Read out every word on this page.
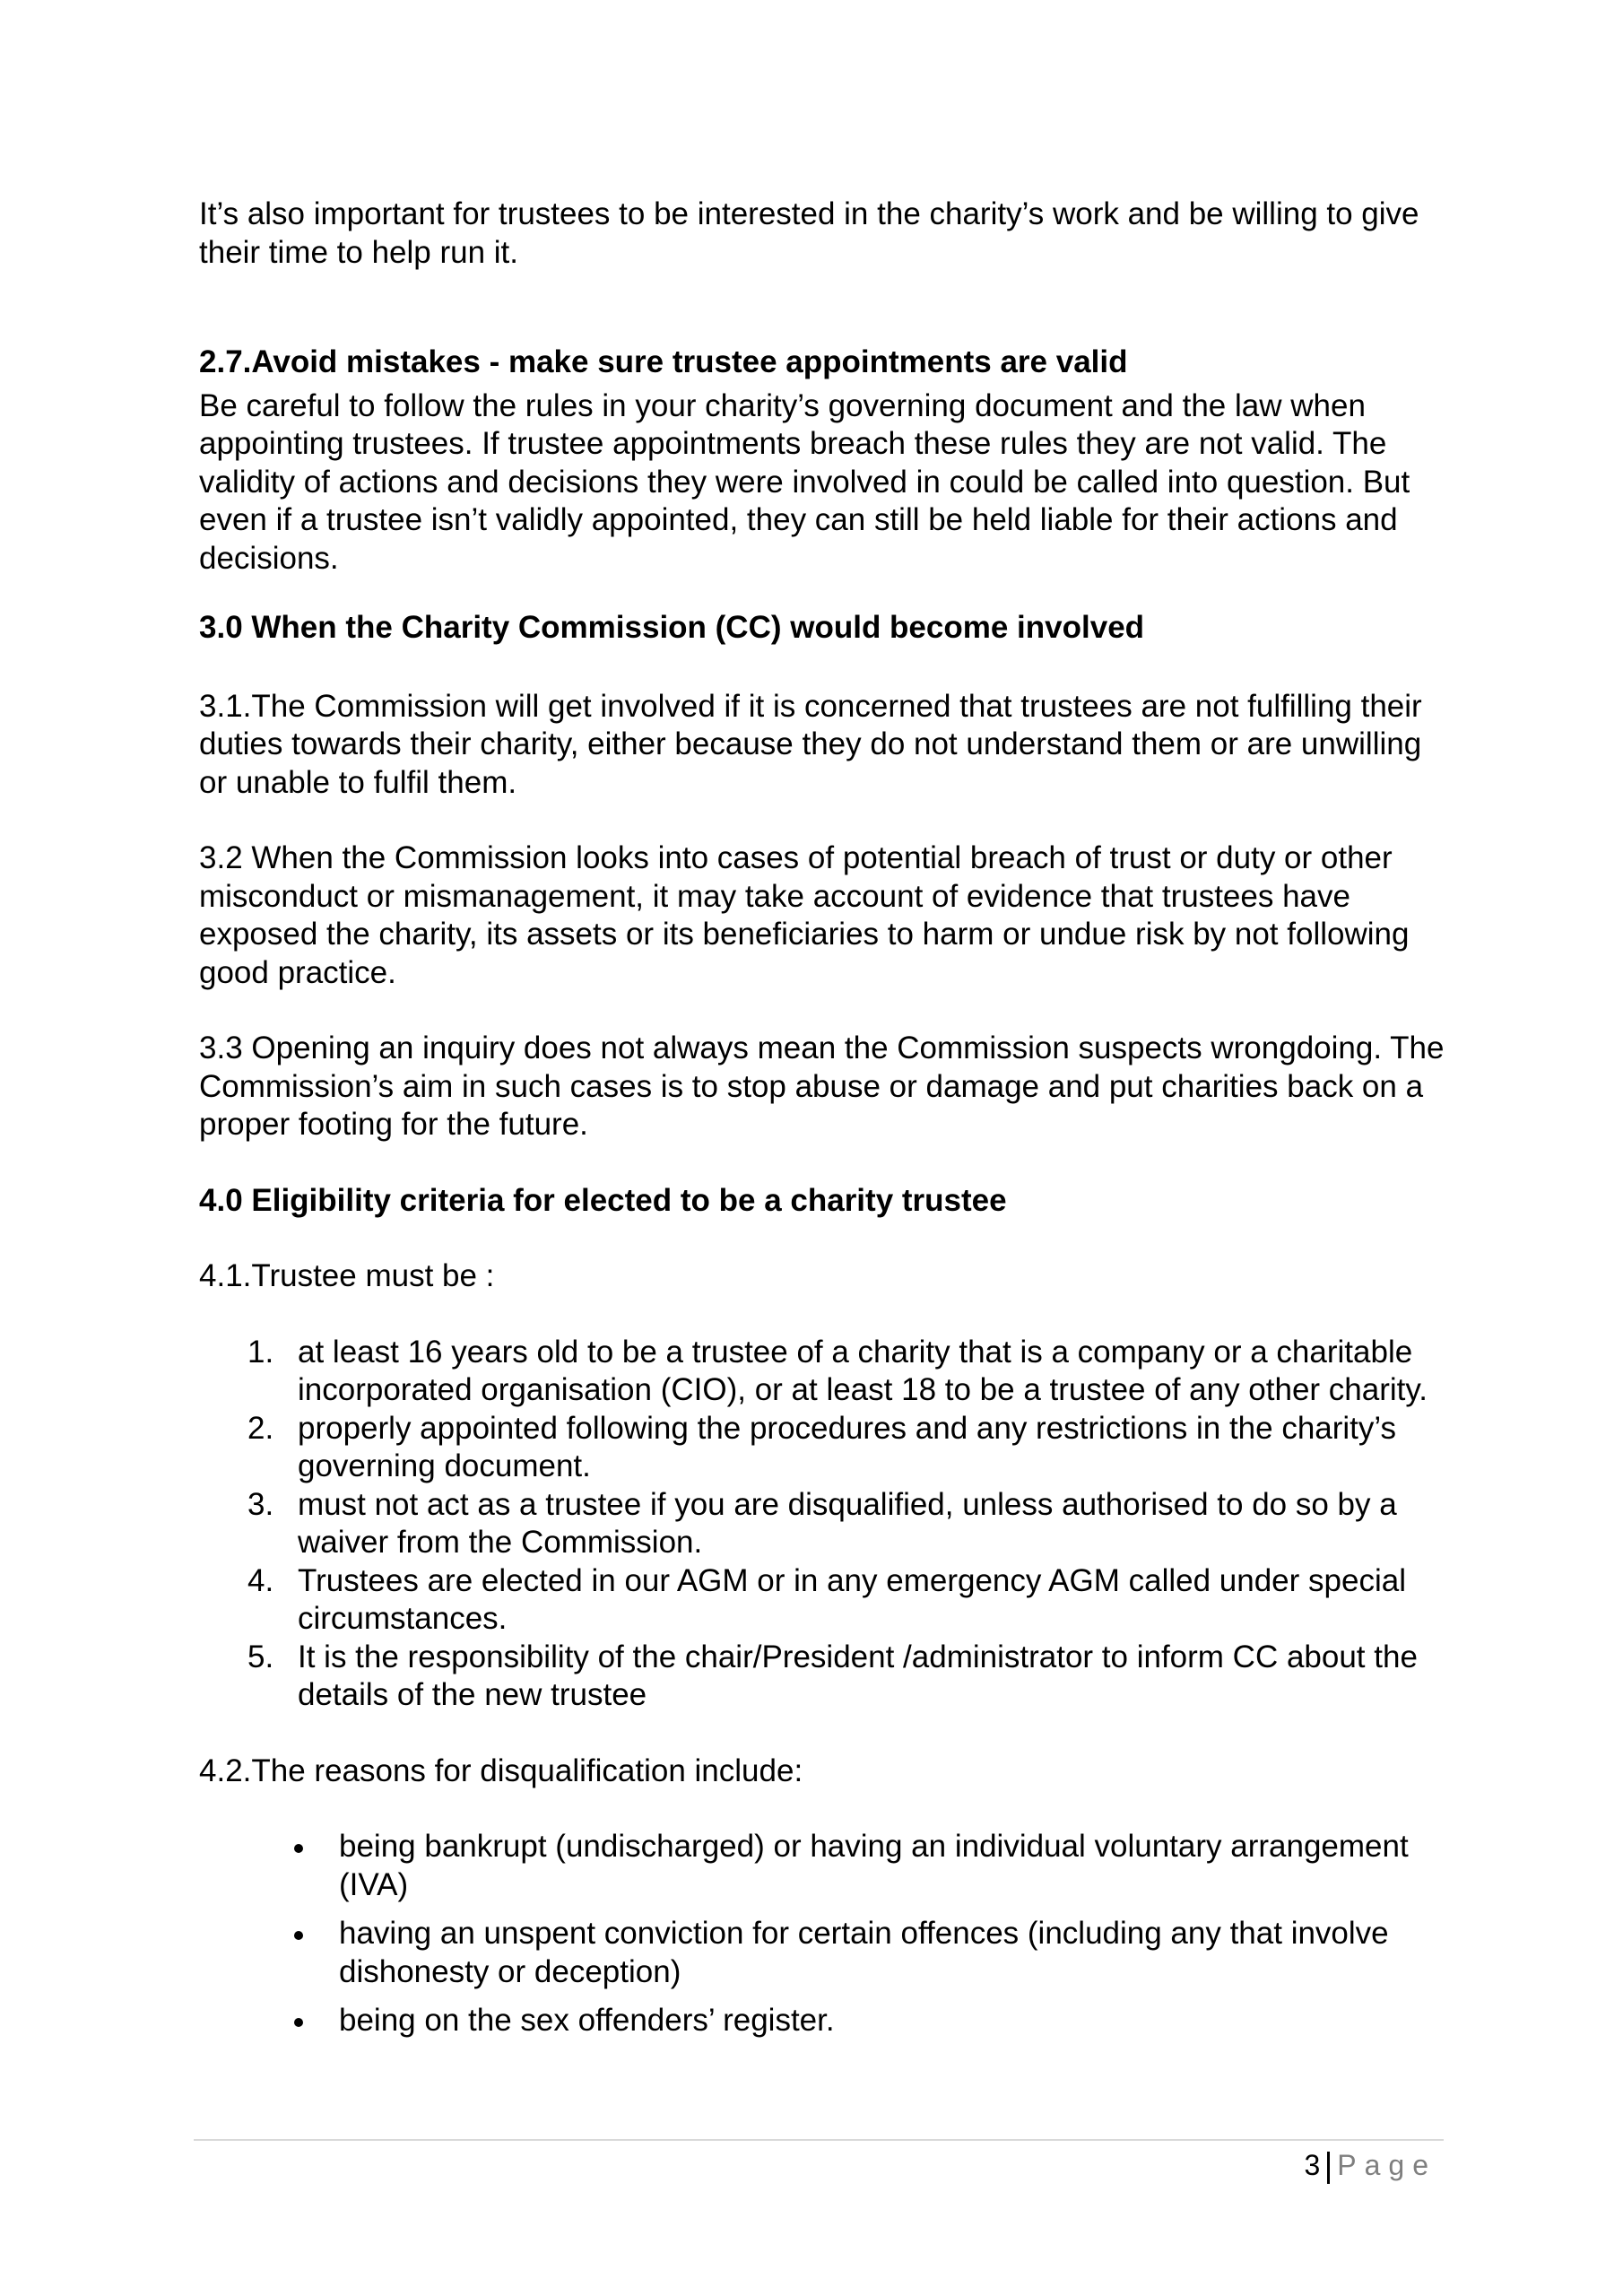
It’s also important for trustees to be interested in the charity’s work and be willing to give their time to help run it.

2.7.Avoid mistakes - make sure trustee appointments are valid

Be careful to follow the rules in your charity’s governing document and the law when appointing trustees. If trustee appointments breach these rules they are not valid. The validity of actions and decisions they were involved in could be called into question. But even if a trustee isn’t validly appointed, they can still be held liable for their actions and decisions.

3.0 When the Charity Commission (CC) would become involved

3.1.The Commission will get involved if it is concerned that trustees are not fulfilling their duties towards their charity, either because they do not understand them or are unwilling or unable to fulfil them.

3.2 When the Commission looks into cases of potential breach of trust or duty or other misconduct or mismanagement, it may take account of evidence that trustees have exposed the charity, its assets or its beneficiaries to harm or undue risk by not following good practice.

3.3 Opening an inquiry does not always mean the Commission suspects wrongdoing. The Commission’s aim in such cases is to stop abuse or damage and put charities back on a proper footing for the future.

4.0 Eligibility criteria for elected to be a charity trustee

4.1.Trustee must be :

1. at least 16 years old to be a trustee of a charity that is a company or a charitable incorporated organisation (CIO), or at least 18 to be a trustee of any other charity.
2. properly appointed following the procedures and any restrictions in the charity’s governing document.
3. must not act as a trustee if you are disqualified, unless authorised to do so by a waiver from the Commission.
4. Trustees are elected in our AGM or in any emergency AGM called under special circumstances.
5. It is the responsibility of the chair/President /administrator to inform CC about the details of the new trustee

4.2.The reasons for disqualification include:

being bankrupt (undischarged) or having an individual voluntary arrangement (IVA)
having an unspent conviction for certain offences (including any that involve dishonesty or deception)
being on the sex offenders’ register.
3 Page
